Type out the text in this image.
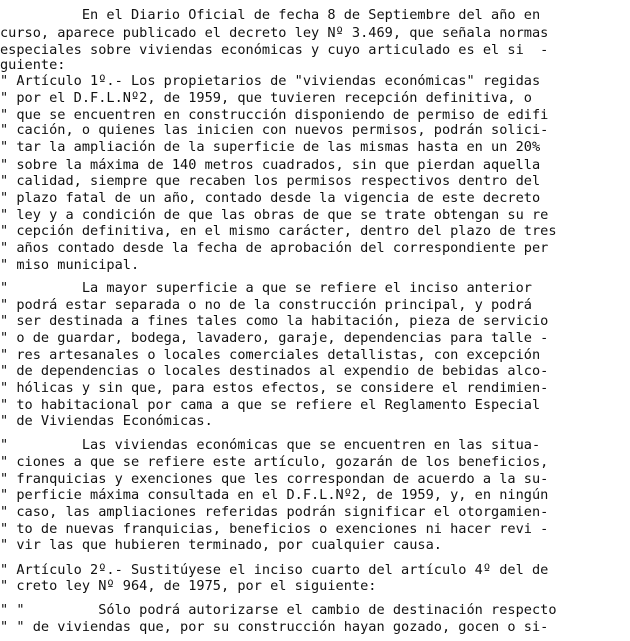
En el Diario Oficial de fecha 8 de Septiembre del año en
curso, aparece publicado el decreto ley Nº 3.469, que señala normas
especiales sobre viviendas económicas y cuyo articulado es el si  -
guiente:
" Artículo 1º.- Los propietarios de "viviendas económicas" regidas
" por el D.F.L.Nº2, de 1959, que tuvieren recepción definitiva, o
" que se encuentren en construcción disponiendo de permiso de edifi
" cación, o quienes las inicien con nuevos permisos, podrán solici-
" tar la ampliación de la superficie de las mismas hasta en un 20%
" sobre la máxima de 140 metros cuadrados, sin que pierdan aquella
" calidad, siempre que recaben los permisos respectivos dentro del
" plazo fatal de un año, contado desde la vigencia de este decreto
" ley y a condición de que las obras de que se trate obtengan su re
" cepción definitiva, en el mismo carácter, dentro del plazo de tres
" años contado desde la fecha de aprobación del correspondiente per
" miso municipal.
"         La mayor superficie a que se refiere el inciso anterior
" podrá estar separada o no de la construcción principal, y podrá
" ser destinada a fines tales como la habitación, pieza de servicio
" o de guardar, bodega, lavadero, garaje, dependencias para talle -
" res artesanales o locales comerciales detallistas, con excepción
" de dependencias o locales destinados al expendio de bebidas alco-
" hólicas y sin que, para estos efectos, se considere el rendimien-
" to habitacional por cama a que se refiere el Reglamento Especial
" de Viviendas Económicas.
"         Las viviendas económicas que se encuentren en las situa-
" ciones a que se refiere este artículo, gozarán de los beneficios,
" franquicias y exenciones que les correspondan de acuerdo a la su-
" perficie máxima consultada en el D.F.L.Nº2, de 1959, y, en ningún
" caso, las ampliaciones referidas podrán significar el otorgamien-
" to de nuevas franquicias, beneficios o exenciones ni hacer revi -
" vir las que hubieren terminado, por cualquier causa.
" Artículo 2º.- Sustitúyese el inciso cuarto del artículo 4º del de
" creto ley Nº 964, de 1975, por el siguiente:
" "         Sólo podrá autorizarse el cambio de destinación respecto
" " de viviendas que, por su construcción hayan gozado, gocen o si-
